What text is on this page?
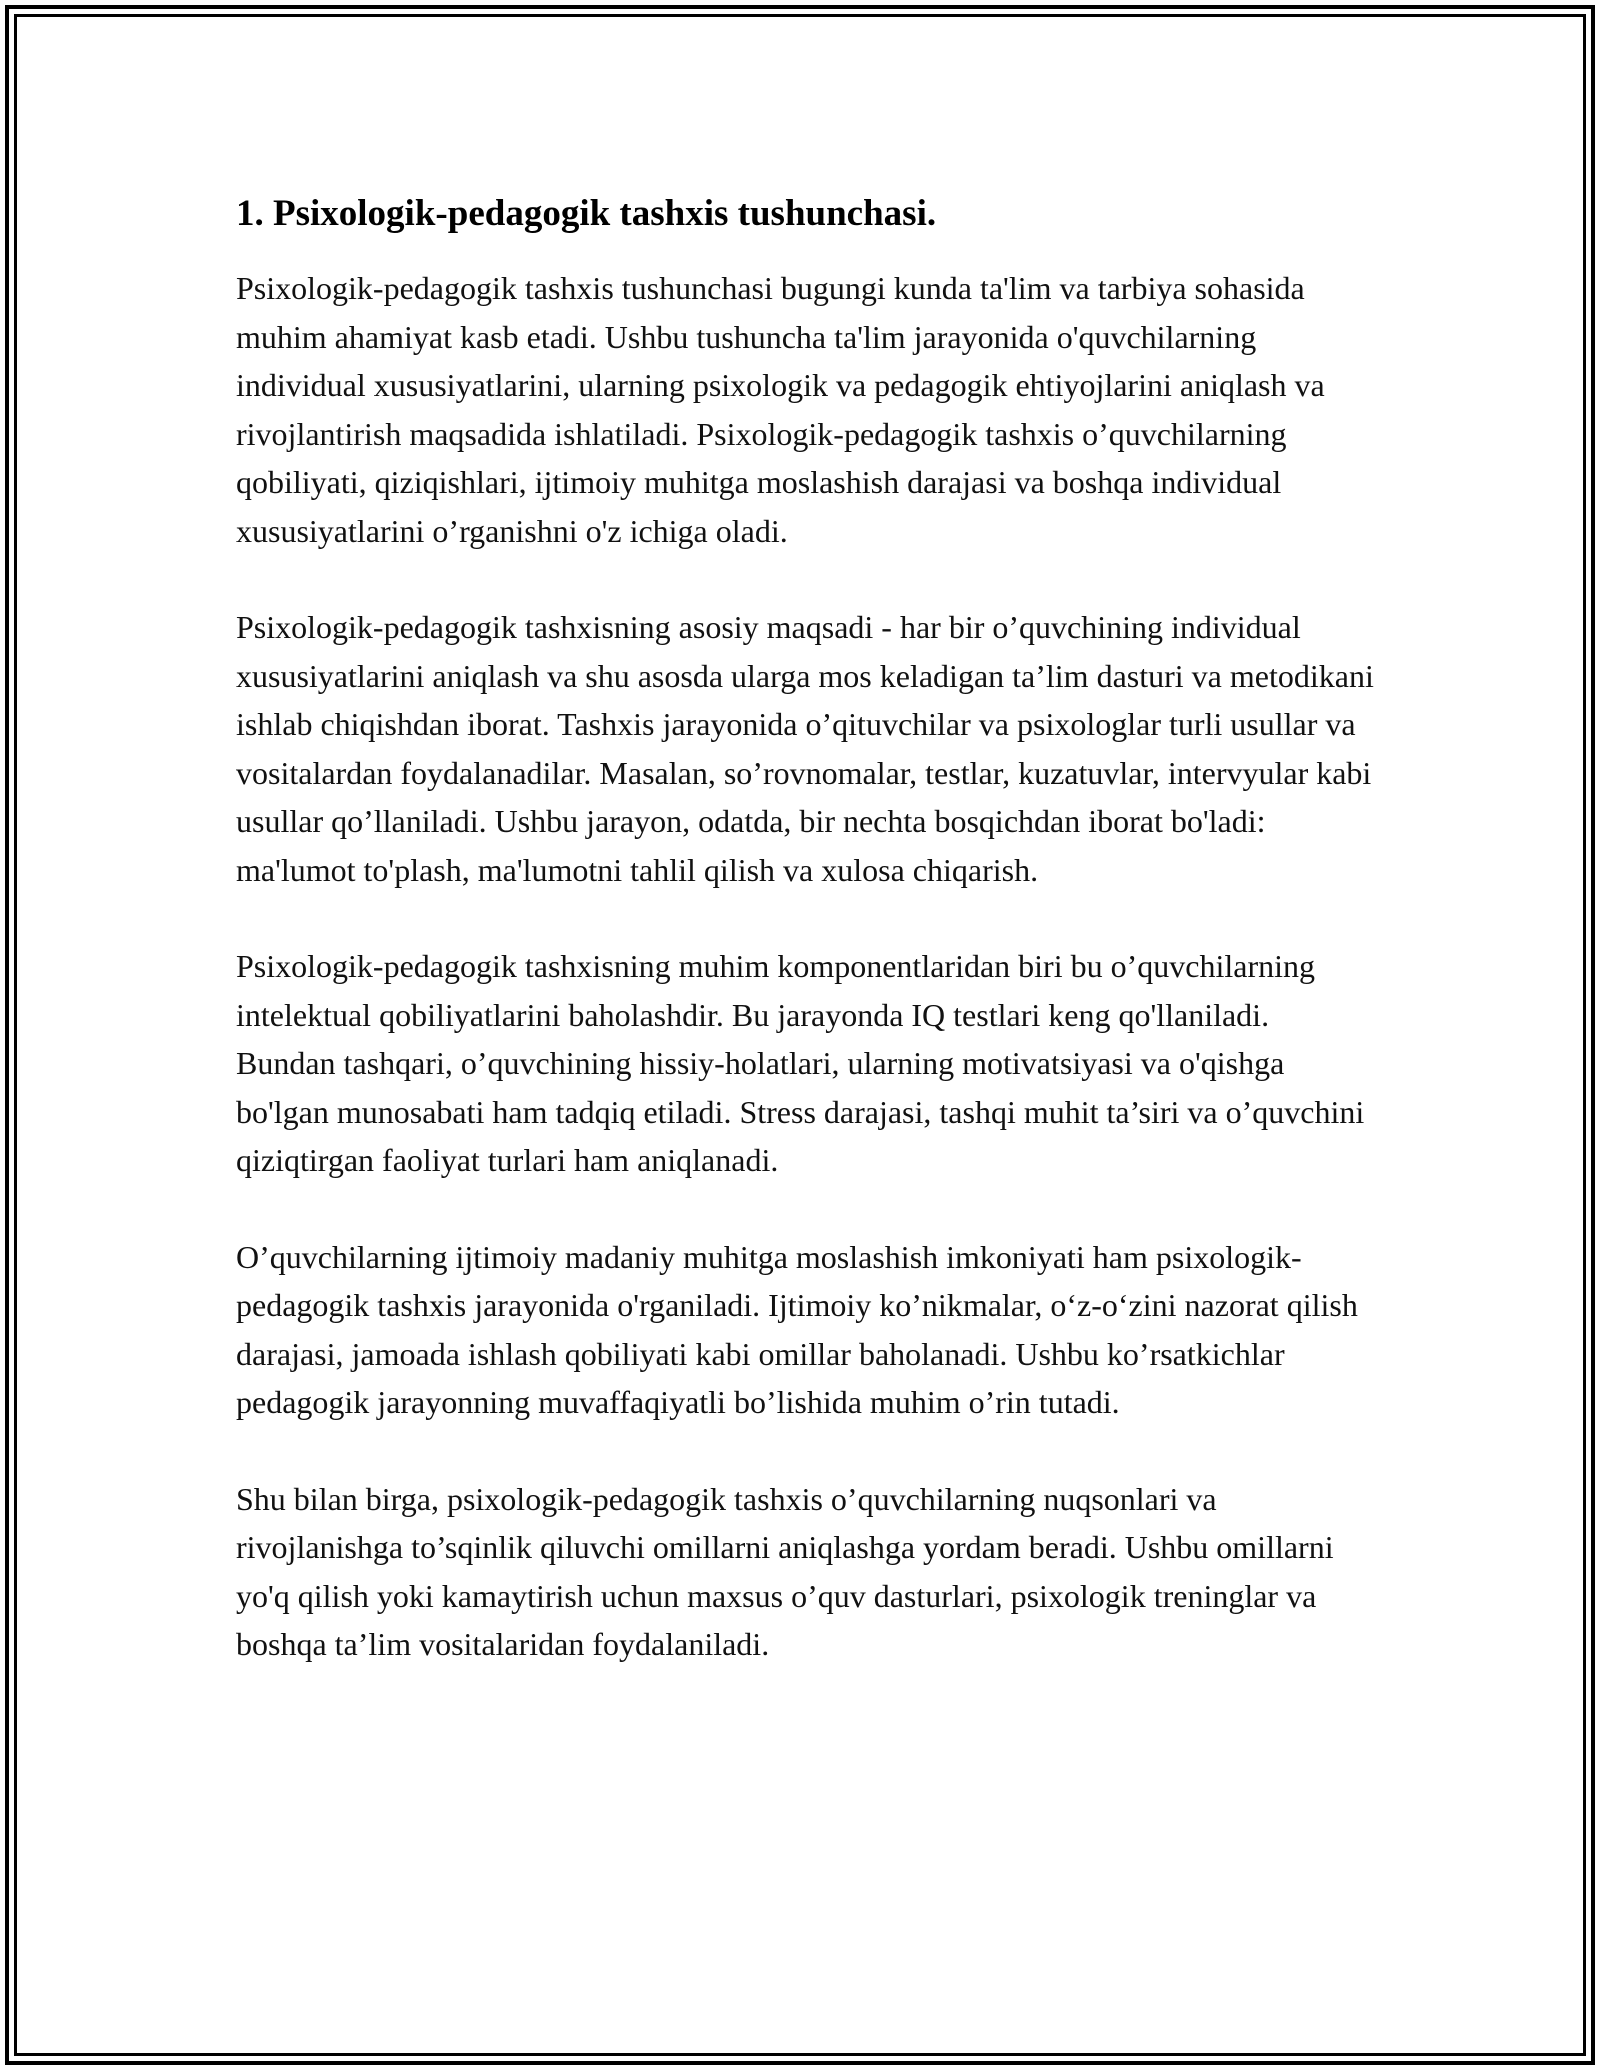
1. Psixologik-pedagogik tashxis tushunchasi.

Psixologik-pedagogik tashxis tushunchasi bugungi kunda ta'lim va tarbiya sohasida muhim ahamiyat kasb etadi. Ushbu tushuncha ta'lim jarayonida o'quvchilarning individual xususiyatlarini, ularning psixologik va pedagogik ehtiyojlarini aniqlash va rivojlantirish maqsadida ishlatiladi. Psixologik-pedagogik tashxis o’quvchilarning qobiliyati, qiziqishlari, ijtimoiy muhitga moslashish darajasi va boshqa individual xususiyatlarini o’rganishni o'z ichiga oladi.

Psixologik-pedagogik tashxisning asosiy maqsadi - har bir o’quvchining individual xususiyatlarini aniqlash va shu asosda ularga mos keladigan ta’lim dasturi va metodikani ishlab chiqishdan iborat. Tashxis jarayonida o’qituvchilar va psixologlar turli usullar va vositalardan foydalanadilar. Masalan, so’rovnomalar, testlar, kuzatuvlar, intervyular kabi usullar qo’llaniladi. Ushbu jarayon, odatda, bir nechta bosqichdan iborat bo'ladi: ma'lumot to'plash, ma'lumotni tahlil qilish va xulosa chiqarish.

Psixologik-pedagogik tashxisning muhim komponentlaridan biri bu o’quvchilarning intelektual qobiliyatlarini baholashdir. Bu jarayonda IQ testlari keng qo'llaniladi. Bundan tashqari, o’quvchining hissiy-holatlari, ularning motivatsiyasi va o'qishga bo'lgan munosabati ham tadqiq etiladi. Stress darajasi, tashqi muhit ta’siri va o’quvchini qiziqtirgan faoliyat turlari ham aniqlanadi.

O’quvchilarning ijtimoiy madaniy muhitga moslashish imkoniyati ham psixologik-pedagogik tashxis jarayonida o'rganiladi. Ijtimoiy ko’nikmalar, o‘z-o‘zini nazorat qilish darajasi, jamoada ishlash qobiliyati kabi omillar baholanadi. Ushbu ko’rsatkichlar pedagogik jarayonning muvaffaqiyatli bo’lishida muhim o’rin tutadi.

Shu bilan birga, psixologik-pedagogik tashxis o’quvchilarning nuqsonlari va rivojlanishga to’sqinlik qiluvchi omillarni aniqlashga yordam beradi. Ushbu omillarni yo'q qilish yoki kamaytirish uchun maxsus o’quv dasturlari, psixologik treninglar va boshqa ta’lim vositalaridan foydalaniladi.
